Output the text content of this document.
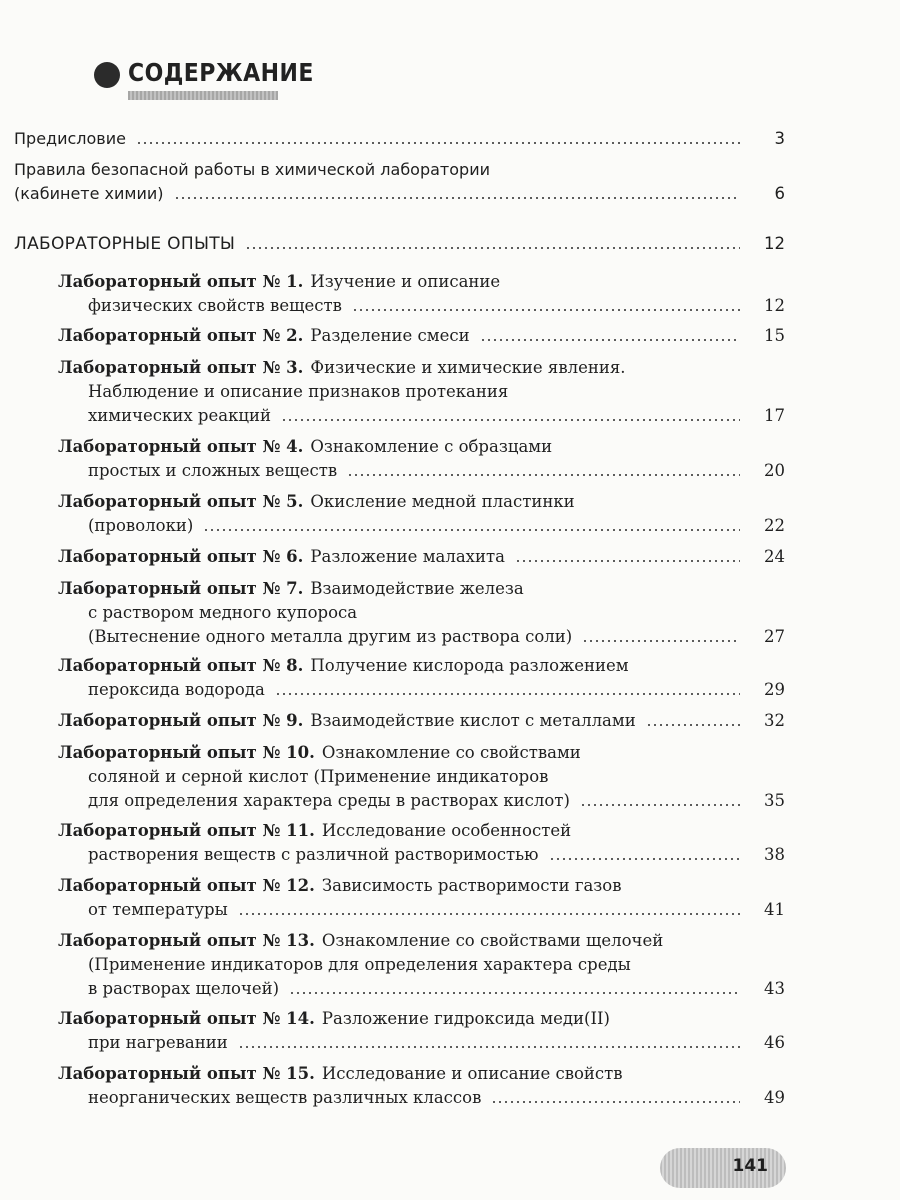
СОДЕРЖАНИЕ
Предисловие	3
Правила безопасной работы в химической лаборатории
(кабинете химии)	6
ЛАБОРАТОРНЫЕ ОПЫТЫ	12
Лабораторный опыт № 1. Изучение и описание
физических свойств веществ	12
Лабораторный опыт № 2. Разделение смеси	15
Лабораторный опыт № 3. Физические и химические явления.
Наблюдение и описание признаков протекания
химических реакций	17
Лабораторный опыт № 4. Ознакомление с образцами
простых и сложных веществ	20
Лабораторный опыт № 5. Окисление медной пластинки
(проволоки)	22
Лабораторный опыт № 6. Разложение малахита	24
Лабораторный опыт № 7. Взаимодействие железа
с раствором медного купороса
(Вытеснение одного металла другим из раствора соли)	27
Лабораторный опыт № 8. Получение кислорода разложением
пероксида водорода	29
Лабораторный опыт № 9. Взаимодействие кислот с металлами	32
Лабораторный опыт № 10. Ознакомление со свойствами
соляной и серной кислот (Применение индикаторов
для определения характера среды в растворах кислот)	35
Лабораторный опыт № 11. Исследование особенностей
растворения веществ с различной растворимостью	38
Лабораторный опыт № 12. Зависимость растворимости газов
от температуры	41
Лабораторный опыт № 13. Ознакомление со свойствами щелочей
(Применение индикаторов для определения характера среды
в растворах щелочей)	43
Лабораторный опыт № 14. Разложение гидроксида меди(II)
при нагревании	46
Лабораторный опыт № 15. Исследование и описание свойств
неорганических веществ различных классов	49
141
